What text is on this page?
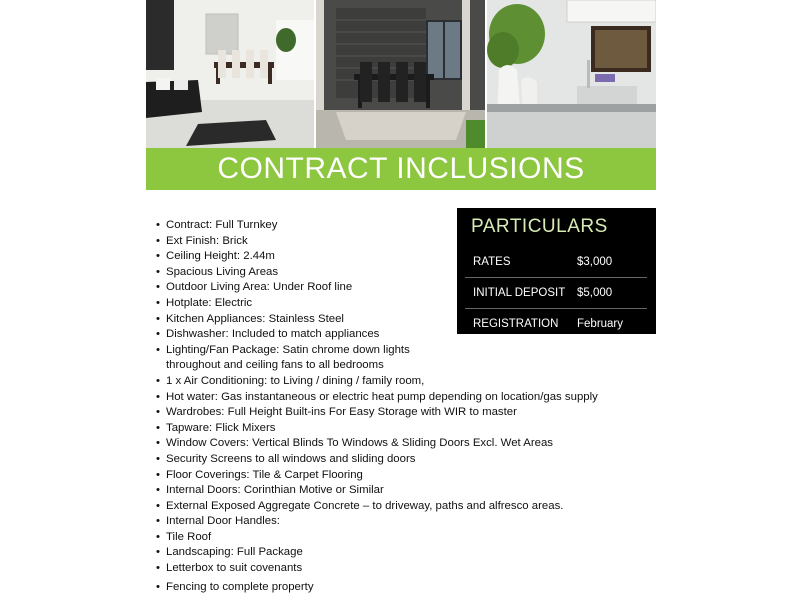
CONTRACT INCLUSIONS
PARTICULARS
RATES	$3,000
INITIAL DEPOSIT $5,000
REGISTRATION February 2017
• Contract: Full Turnkey
• Ext Finish: Brick
• Ceiling Height: 2.44m
• Spacious Living Areas
• Outdoor Living Area: Under Roof line
• Hotplate: Electric
• Kitchen Appliances: Stainless Steel
• Dishwasher: Included to match appliances
• Lighting/Fan Package: Satin chrome down lights
throughout and ceiling fans to all bedrooms
• 1 x Air Conditioning: to Living / dining / family room,
• Hot water: Gas instantaneous or electric heat pump depending on location/gas supply
• Wardrobes: Full Height Built-ins For Easy Storage with WIR to master
• Tapware: Flick Mixers
• Window Covers: Vertical Blinds To Windows & Sliding Doors Excl. Wet Areas
• Security Screens to all windows and sliding doors
• Floor Coverings: Tile & Carpet Flooring
• Internal Doors: Corinthian Motive or Similar
• External Exposed Aggregate Concrete – to driveway, paths and alfresco areas.
• Internal Door Handles:
• Tile Roof
• Landscaping: Full Package
• Letterbox to suit covenants
• Fencing to complete property
